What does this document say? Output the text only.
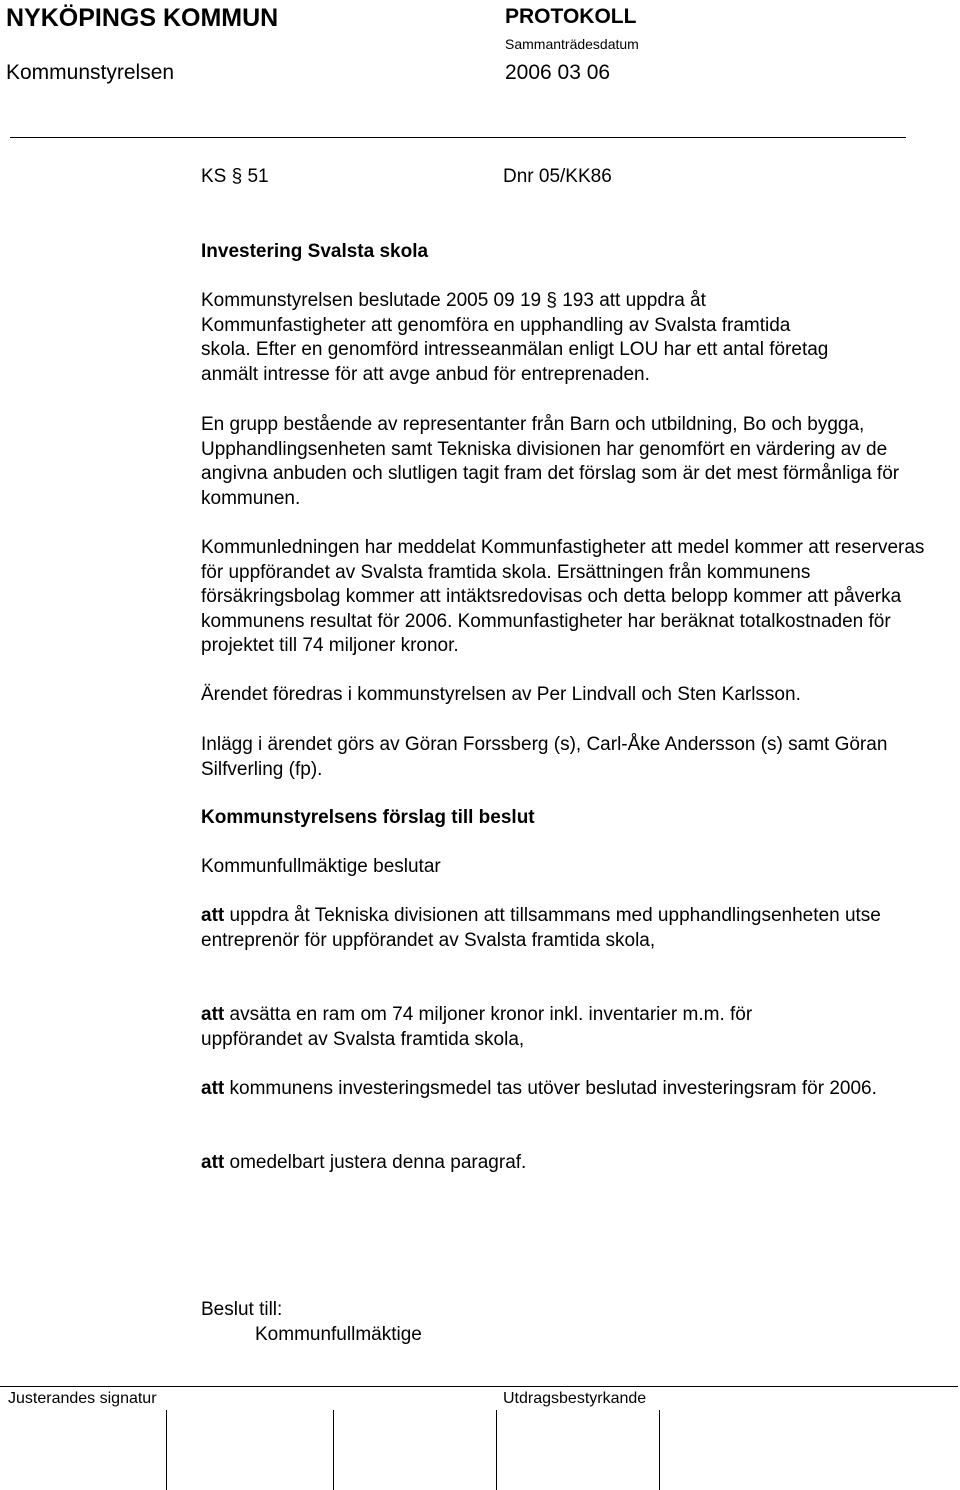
NYKÖPINGS KOMMUN	PROTOKOLL
Sammanträdesdatum
Kommunstyrelsen	2006 03 06
KS § 51	Dnr 05/KK86
Investering Svalsta skola

Kommunstyrelsen beslutade 2005 09 19 § 193 att uppdra åt Kommunfastigheter att genomföra en upphandling av Svalsta framtida skola. Efter en genomförd intresseanmälan enligt LOU har ett antal företag anmält intresse för att avge anbud för entreprenaden.

En grupp bestående av representanter från Barn och utbildning, Bo och bygga, Upphandlingsenheten samt Tekniska divisionen har genomfört en värdering av de angivna anbuden och slutligen tagit fram det förslag som är det mest förmånliga för kommunen.

Kommunledningen har meddelat Kommunfastigheter att medel kommer att reserveras för uppförandet av Svalsta framtida skola. Ersättningen från kommunens försäkringsbolag kommer att intäktsredovisas och detta belopp kommer att påverka kommunens resultat för 2006. Kommunfastigheter har beräknat totalkostnaden för projektet till 74 miljoner kronor.

Ärendet föredras i kommunstyrelsen av Per Lindvall och Sten Karlsson.

Inlägg i ärendet görs av Göran Forssberg (s), Carl-Åke Andersson (s) samt Göran Silfverling (fp).

Kommunstyrelsens förslag till beslut
Kommunfullmäktige beslutar

att uppdra åt Tekniska divisionen att tillsammans med upphandlingsenheten utse entreprenör för uppförandet av Svalsta framtida skola,

att avsätta en ram om 74 miljoner kronor inkl. inventarier m.m. för uppförandet av Svalsta framtida skola,

att kommunens investeringsmedel tas utöver beslutad investeringsram för 2006.

att omedelbart justera denna paragraf.

Beslut till:
Kommunfullmäktige
Justerandes signatur	Utdragsbestyrkande
